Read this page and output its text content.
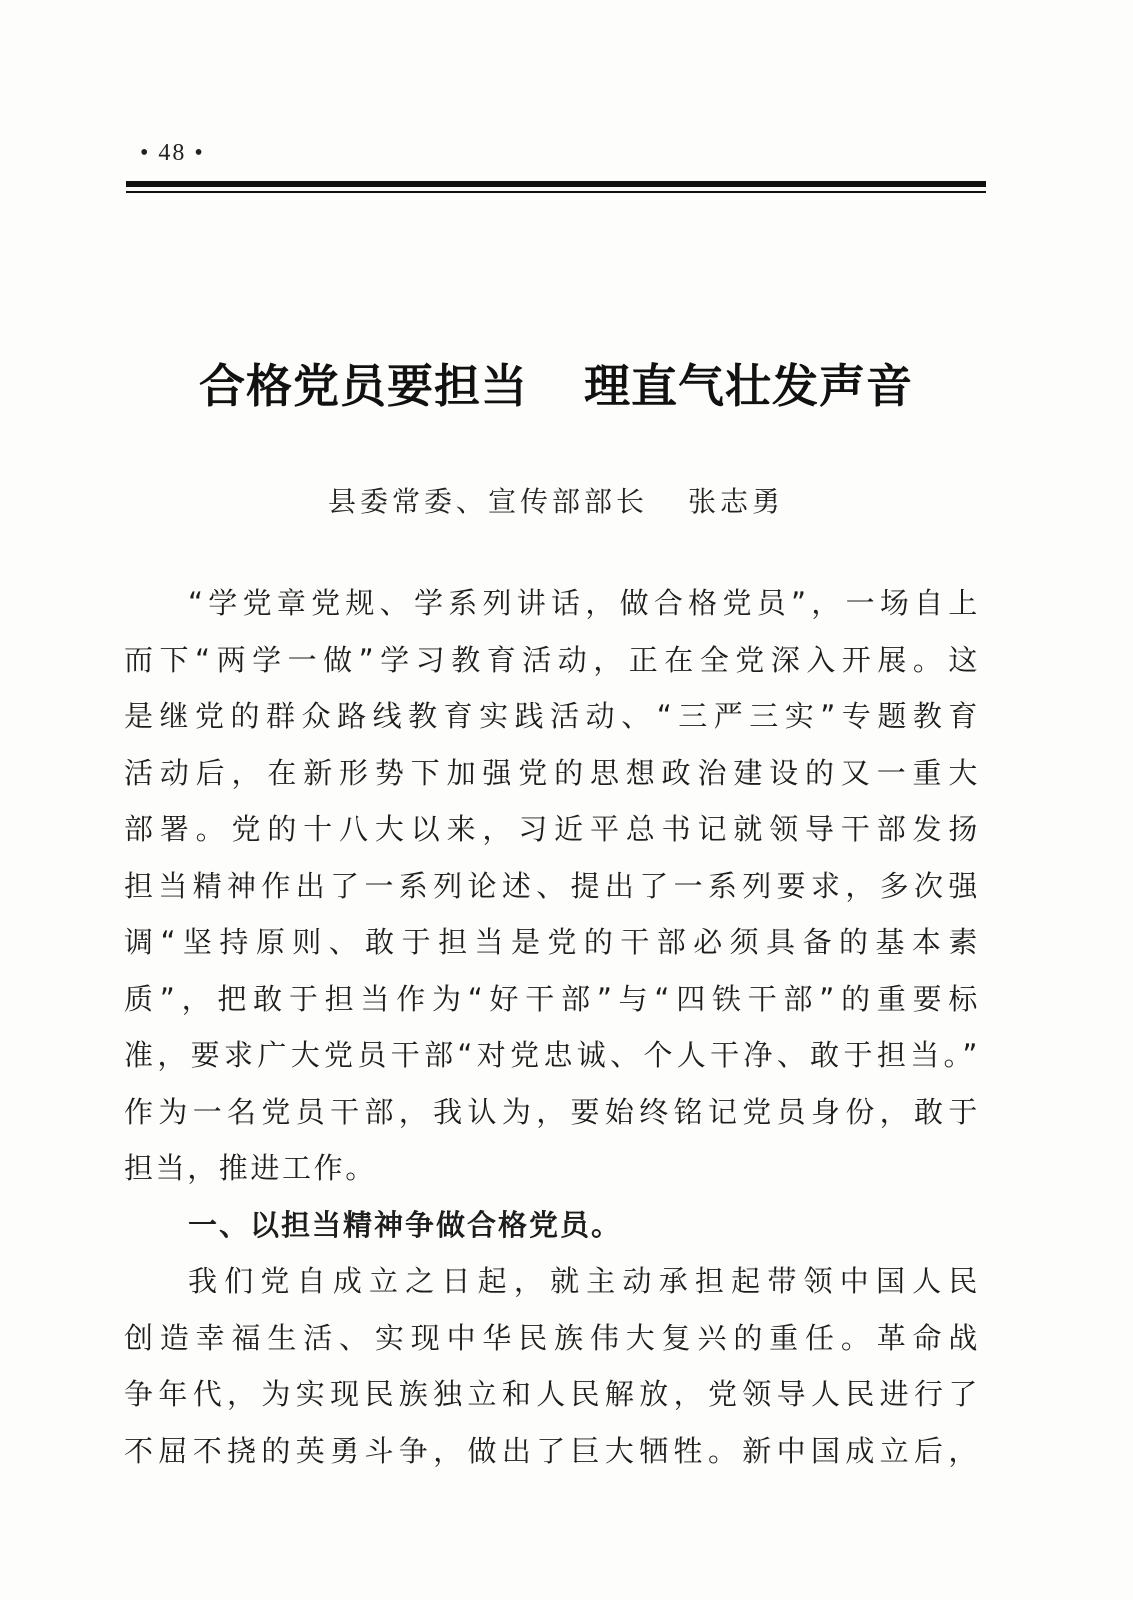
• 48 •
合格党员要担当 理直气壮发声音
县委常委、宣传部部长 张志勇
“学党章党规、学系列讲话，做合格党员”，一场自上
而下“两学一做”学习教育活动，正在全党深入开展。这
是继党的群众路线教育实践活动、“三严三实”专题教育
活动后，在新形势下加强党的思想政治建设的又一重大
部署。党的十八大以来，习近平总书记就领导干部发扬
担当精神作出了一系列论述、提出了一系列要求，多次强
调“坚持原则、敢于担当是党的干部必须具备的基本素
质”，把敢于担当作为“好干部”与“四铁干部”的重要标
准，要求广大党员干部“对党忠诚、个人干净、敢于担当。”
作为一名党员干部，我认为，要始终铭记党员身份，敢于
担当，推进工作。
一、以担当精神争做合格党员。
我们党自成立之日起，就主动承担起带领中国人民
创造幸福生活、实现中华民族伟大复兴的重任。革命战
争年代，为实现民族独立和人民解放，党领导人民进行了
不屈不挠的英勇斗争，做出了巨大牺牲。新中国成立后，
